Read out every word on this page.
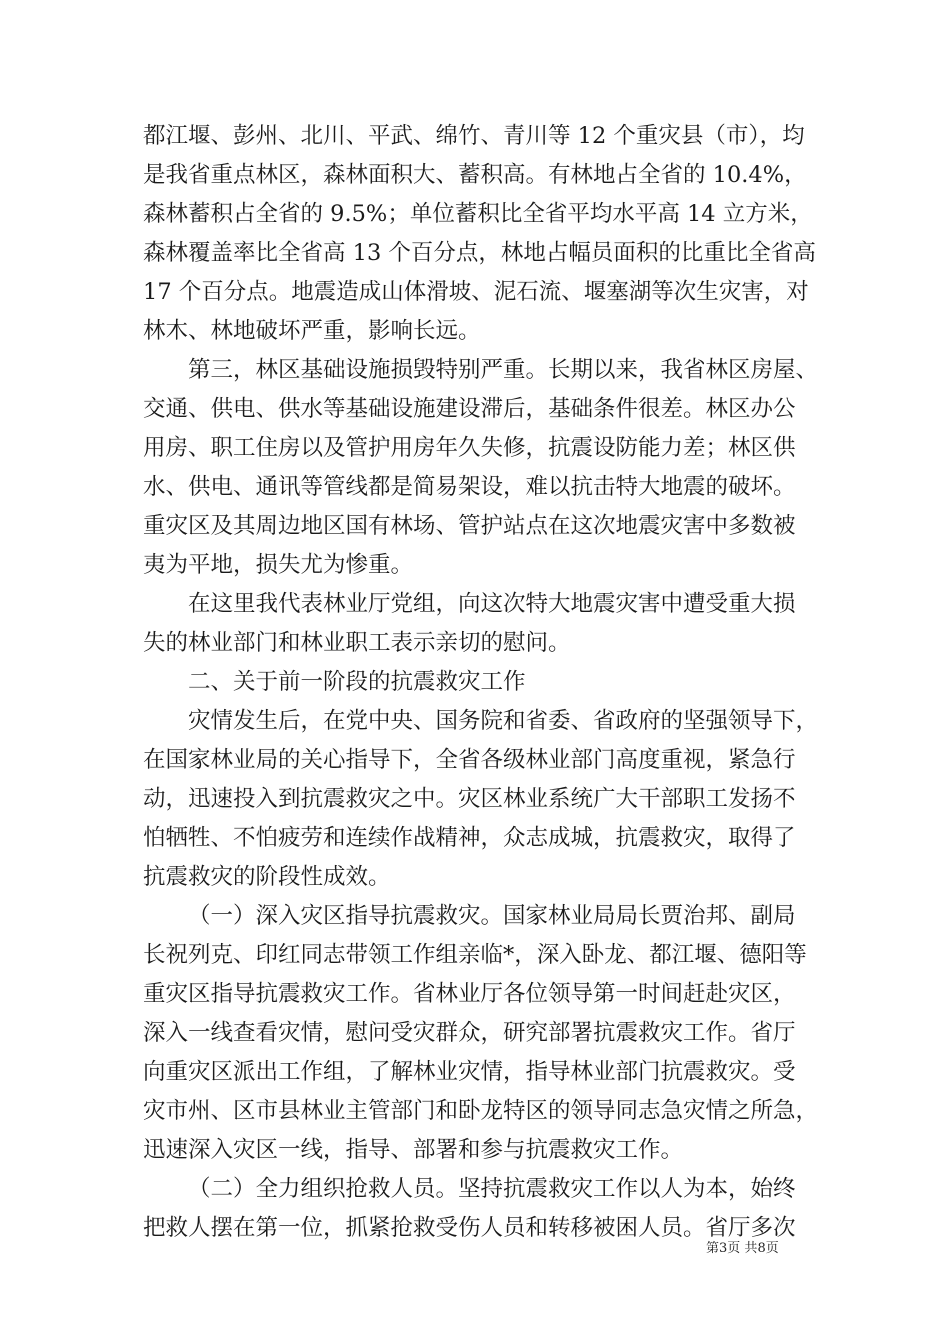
都江堰、彭州、北川、平武、绵竹、青川等 12 个重灾县（市），均
是我省重点林区，森林面积大、蓄积高。有林地占全省的 10.4%，
森林蓄积占全省的 9.5%；单位蓄积比全省平均水平高 14 立方米，
森林覆盖率比全省高 13 个百分点，林地占幅员面积的比重比全省高
17 个百分点。地震造成山体滑坡、泥石流、堰塞湖等次生灾害，对
林木、林地破坏严重，影响长远。
第三，林区基础设施损毁特别严重。长期以来，我省林区房屋、
交通、供电、供水等基础设施建设滞后，基础条件很差。林区办公
用房、职工住房以及管护用房年久失修，抗震设防能力差；林区供
水、供电、通讯等管线都是简易架设，难以抗击特大地震的破坏。
重灾区及其周边地区国有林场、管护站点在这次地震灾害中多数被
夷为平地，损失尤为惨重。
在这里我代表林业厅党组，向这次特大地震灾害中遭受重大损
失的林业部门和林业职工表示亲切的慰问。
二、关于前一阶段的抗震救灾工作
灾情发生后，在党中央、国务院和省委、省政府的坚强领导下，
在国家林业局的关心指导下，全省各级林业部门高度重视，紧急行
动，迅速投入到抗震救灾之中。灾区林业系统广大干部职工发扬不
怕牺牲、不怕疲劳和连续作战精神，众志成城，抗震救灾，取得了
抗震救灾的阶段性成效。
（一）深入灾区指导抗震救灾。国家林业局局长贾治邦、副局
长祝列克、印红同志带领工作组亲临*，深入卧龙、都江堰、德阳等
重灾区指导抗震救灾工作。省林业厅各位领导第一时间赶赴灾区，
深入一线查看灾情，慰问受灾群众，研究部署抗震救灾工作。省厅
向重灾区派出工作组，了解林业灾情，指导林业部门抗震救灾。受
灾市州、区市县林业主管部门和卧龙特区的领导同志急灾情之所急，
迅速深入灾区一线，指导、部署和参与抗震救灾工作。
（二）全力组织抢救人员。坚持抗震救灾工作以人为本，始终
把救人摆在第一位，抓紧抢救受伤人员和转移被困人员。省厅多次
第3页 共8页
